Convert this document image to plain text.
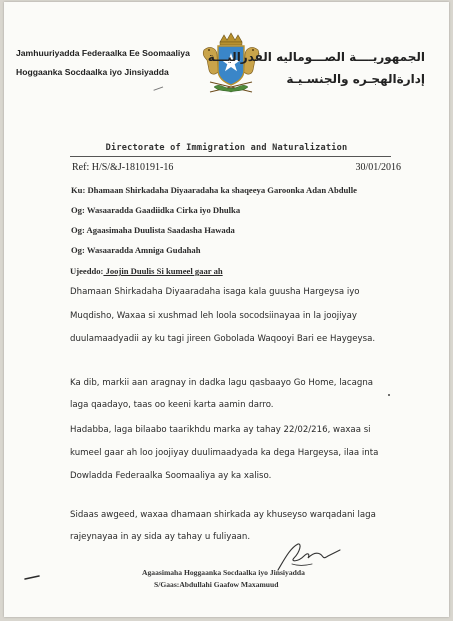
Jamhuuriyadda Federaalka Ee Soomaaliya
Hoggaanka Socdaalka iyo Jinsiyadda
الجمهوريــــة الصـــوماليه الفدراليـــة
إدارةالهجـره والجنسـيـة
Directorate of Immigration and Naturalization
Ref: H/S/&J-1810191-16	30/01/2016
Ku: Dhamaan Shirkadaha Diyaaradaha ka shaqeeya Garoonka Adan Abdulle
Og: Wasaaradda Gaadiidka Cirka iyo Dhulka
Og: Agaasimaha Duulista Saadasha Hawada
Og: Wasaaradda Amniga Gudahah
Ujeeddo: Joojin Duulis Si kumeel gaar ah
Dhamaan Shirkadaha Diyaaradaha isaga kala guusha Hargeysa iyo
Muqdisho, Waxaa si xushmad leh loola socodsiinayaa in la joojiyay
duulamaadyadii ay ku tagi jireen Gobolada Waqooyi Bari ee Haygeysa.
Ka dib, markii aan aragnay in dadka lagu qasbaayo Go Home, lacagna
laga qaadayo, taas oo keeni karta aamin darro.
Hadabba, laga bilaabo taarikhdu marka ay tahay 22/02/216, waxaa si
kumeel gaar ah loo joojiyay duulimaadyada ka dega Hargeysa, ilaa inta
Dowladda Federaalka Soomaaliya ay ka xaliso.
Sidaas awgeed, waxaa dhamaan shirkada ay khuseyso warqadani laga
rajeynayaa in ay sida ay tahay u fuliyaan.
Agaasimaha Hoggaanka Socdaalka iyo Jinsiyadda
S/Gaas:Abdullahi Gaafow Maxamuud
